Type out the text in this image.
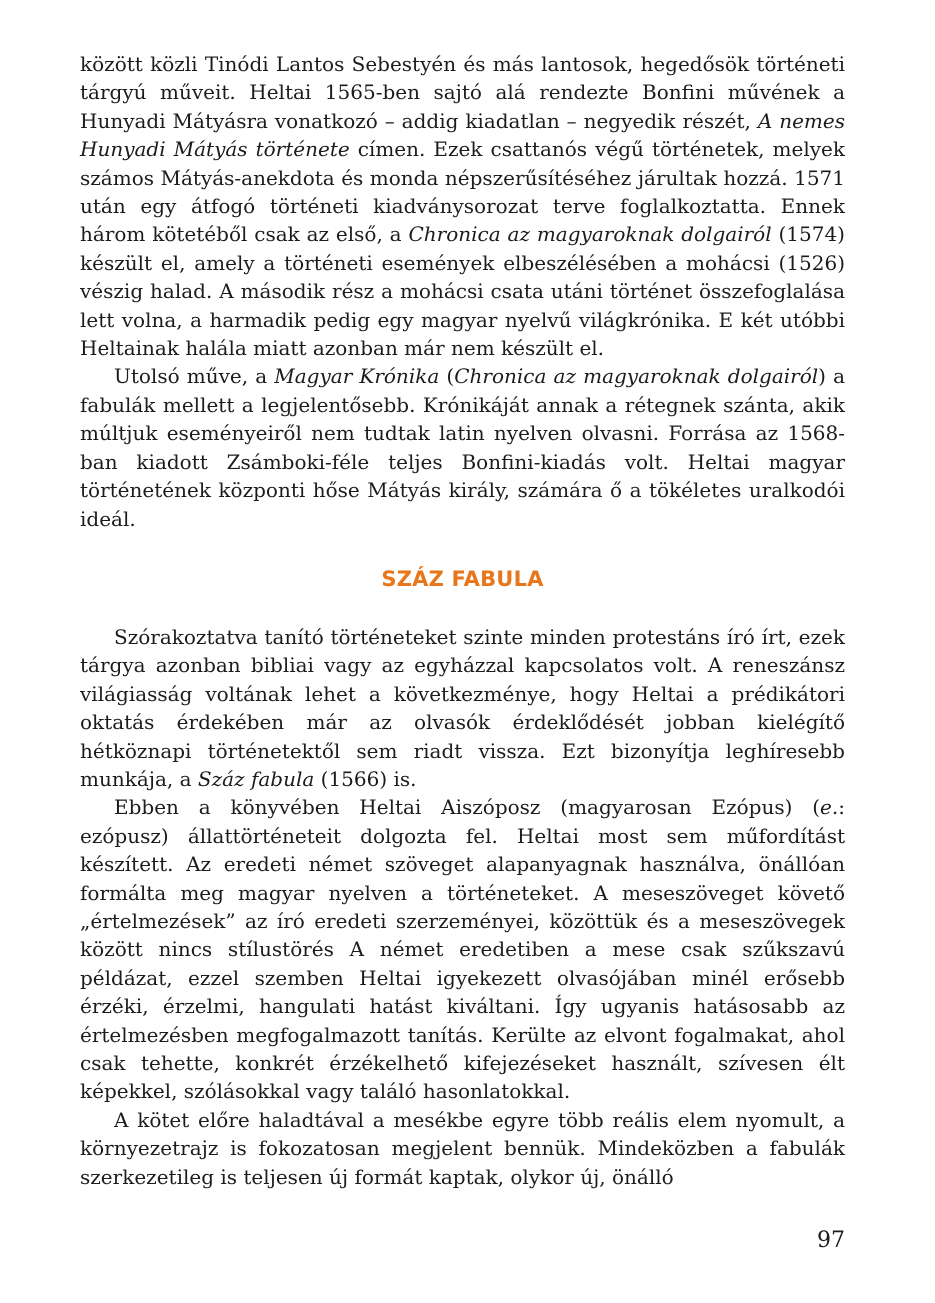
között közli Tinódi Lantos Sebestyén és más lantosok, hegedősök történeti tárgyú műveit. Heltai 1565-ben sajtó alá rendezte Bonfini művének a Hunyadi Mátyásra vonatkozó – addig kiadatlan – negyedik részét, A nemes Hunyadi Mátyás története címen. Ezek csattanós végű történetek, melyek számos Mátyás-anekdota és monda népszerűsítéséhez járultak hozzá. 1571 után egy átfogó történeti kiadványsorozat terve foglalkoztatta. Ennek három kötetéből csak az első, a Chronica az magyaroknak dolgairól (1574) készült el, amely a történeti események elbeszélésében a mohácsi (1526) vészig halad. A második rész a mohácsi csata utáni történet összefoglalása lett volna, a harmadik pedig egy magyar nyelvű világkrónika. E két utóbbi Heltainak halála miatt azonban már nem készült el.

Utolsó műve, a Magyar Krónika (Chronica az magyaroknak dolgairól) a fabulák mellett a legjelentősebb. Krónikáját annak a rétegnek szánta, akik múltjuk eseményeiről nem tudtak latin nyelven olvasni. Forrása az 1568-ban kiadott Zsámboki-féle teljes Bonfini-kiadás volt. Heltai magyar történetének központi hőse Mátyás király, számára ő a tökéletes uralkodói ideál.

SZÁZ FABULA

Szórakoztatva tanító történeteket szinte minden protestáns író írt, ezek tárgya azonban bibliai vagy az egyházzal kapcsolatos volt. A reneszánsz világiasság voltának lehet a következménye, hogy Heltai a prédikátori oktatás érdekében már az olvasók érdeklődését jobban kielégítő hétköznapi történetektől sem riadt vissza. Ezt bizonyítja leghíresebb munkája, a Száz fabula (1566) is.

Ebben a könyvében Heltai Aiszóposz (magyarosan Ezópus) (e.: ezópusz) állattörténeteit dolgozta fel. Heltai most sem műfordítást készített. Az eredeti német szöveget alapanyagnak használva, önállóan formálta meg magyar nyelven a történeteket. A meseszöveget követő „értelmezések” az író eredeti szerzeményei, közöttük és a meseszövegek között nincs stílustörés A német eredetiben a mese csak szűkszavú példázat, ezzel szemben Heltai igyekezett olvasójában minél erősebb érzéki, érzelmi, hangulati hatást kiváltani. Így ugyanis hatásosabb az értelmezésben megfogalmazott tanítás. Kerülte az elvont fogalmakat, ahol csak tehette, konkrét érzékelhető kifejezéseket használt, szívesen élt képekkel, szólásokkal vagy találó hasonlatokkal.

A kötet előre haladtával a mesékbe egyre több reális elem nyomult, a környezetrajz is fokozatosan megjelent bennük. Mindeközben a fabulák szerkezetileg is teljesen új formát kaptak, olykor új, önálló

97
